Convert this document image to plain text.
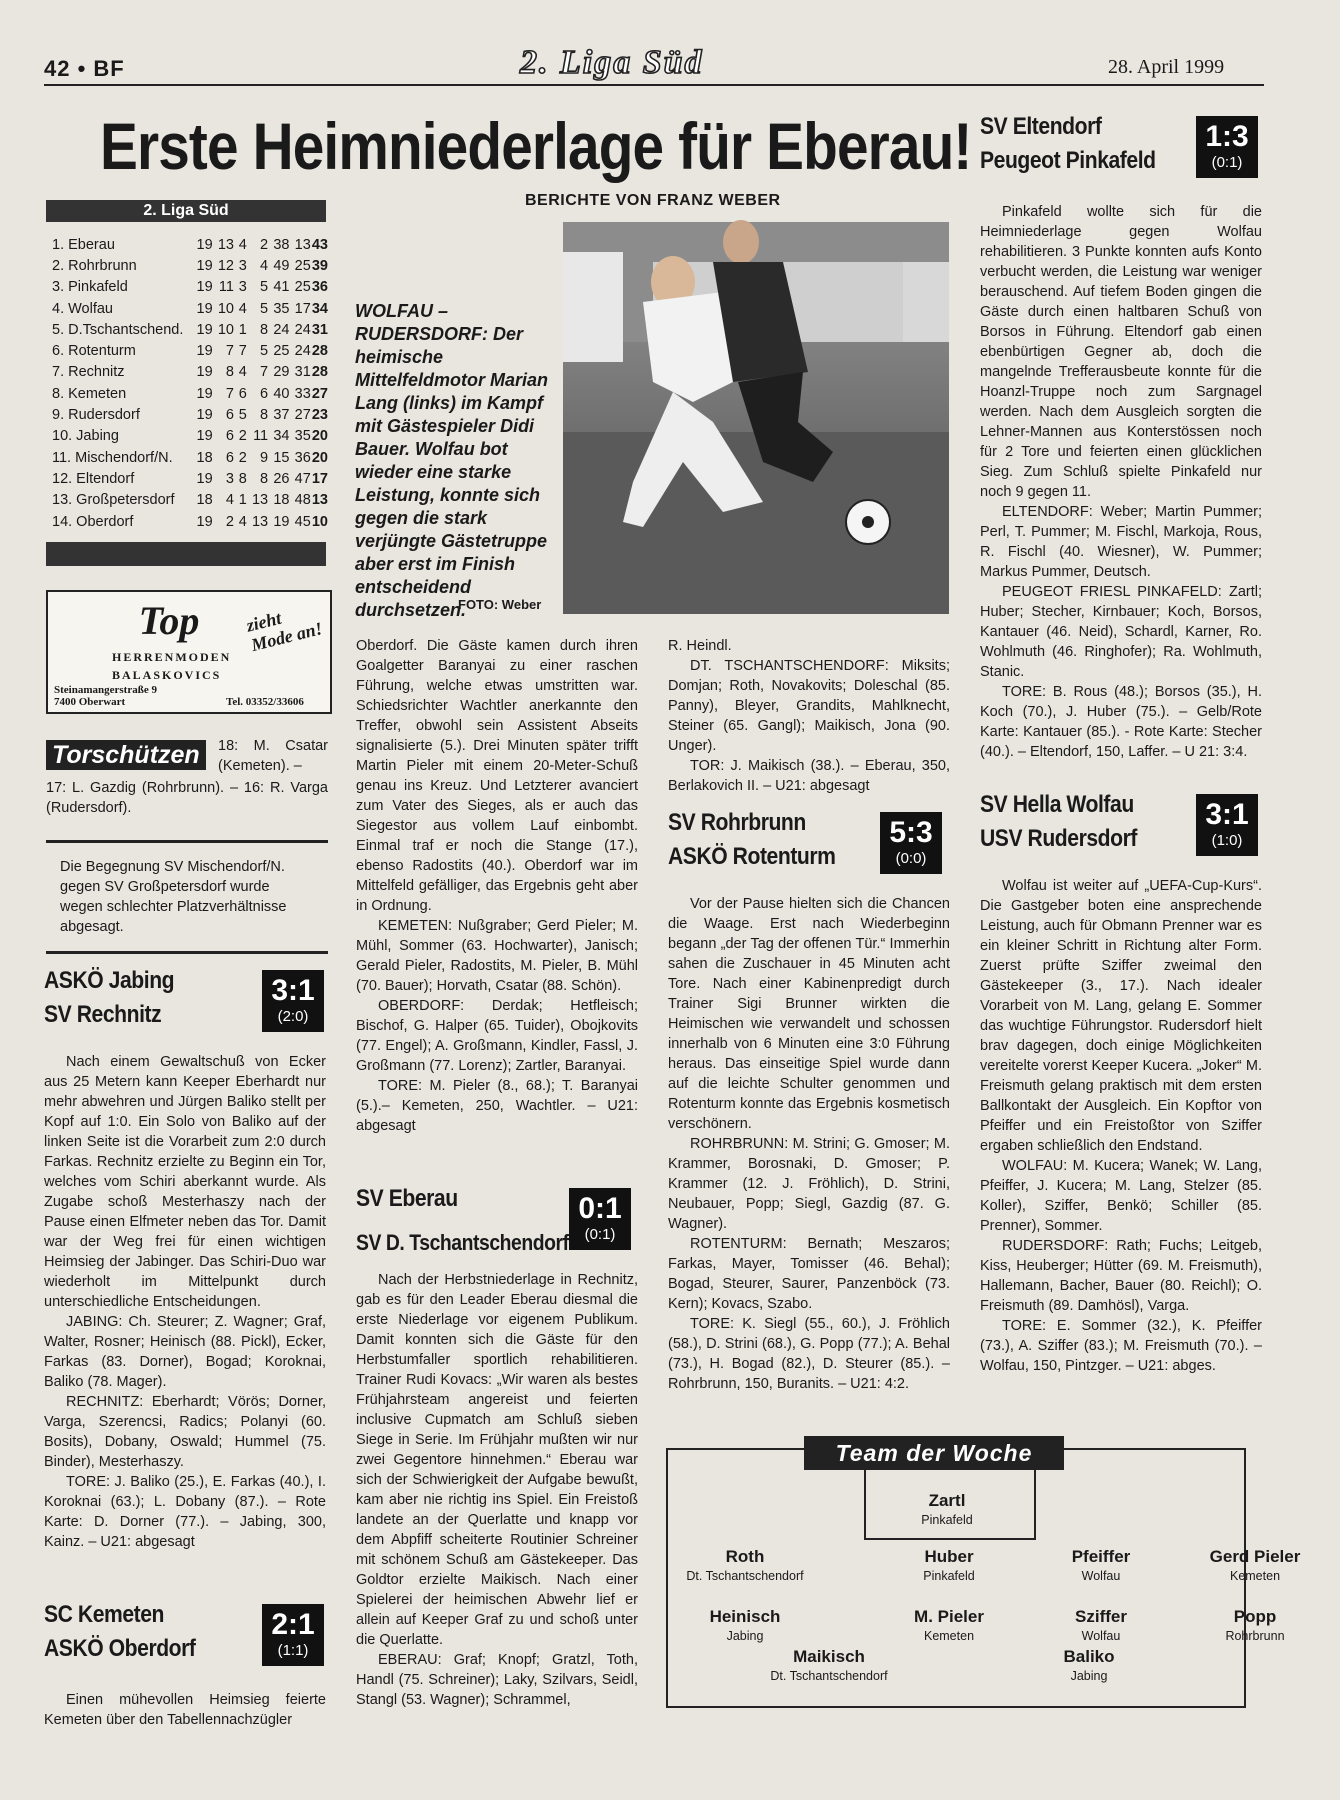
42 • BF	2. Liga Süd	28. April 1999
Erste Heimniederlage für Eberau!
BERICHTE VON FRANZ WEBER
2. Liga Süd
1. Eberau	19	13	4	2	38	13	43
2. Rohrbrunn	19	12	3	4	49	25	39
3. Pinkafeld	19	11	3	5	41	25	36
4. Wolfau	19	10	4	5	35	17	34
5. D.Tschantschend.	19	10	1	8	24	24	31
6. Rotenturm	19	7	7	5	25	24	28
7. Rechnitz	19	8	4	7	29	31	28
8. Kemeten	19	7	6	6	40	33	27
9. Rudersdorf	19	6	5	8	37	27	23
10. Jabing	19	6	2	11	34	35	20
11. Mischendorf/N.	18	6	2	9	15	36	20
12. Eltendorf	19	3	8	8	26	47	17
13. Großpetersdorf	18	4	1	13	18	48	13
14. Oberdorf	19	2	4	13	19	45	10
Top
HERRENMODEN
BALASKOVICS
zieht Mode an!
Steinamangerstraße 9
7400 Oberwart	Tel. 03352/33606

18: M. Csatar (Kemeten). –

17: L. Gazdig (Rohrbrunn). – 16: R. Varga (Rudersdorf).

Torschützen
Die Begegnung SV Mischendorf/N. gegen SV Großpetersdorf wurde wegen schlechter Platzverhältnisse abgesagt.
ASKÖ Jabing
SV Rechnitz
3:1
(2:0)

Nach einem Gewaltschuß von Ecker aus 25 Metern kann Keeper Eberhardt nur mehr abwehren und Jürgen Baliko stellt per Kopf auf 1:0. Ein Solo von Baliko auf der linken Seite ist die Vorarbeit zum 2:0 durch Farkas. Rechnitz erzielte zu Beginn ein Tor, welches vom Schiri aberkannt wurde. Als Zugabe schoß Mesterhaszy nach der Pause einen Elfmeter neben das Tor. Damit war der Weg frei für einen wichtigen Heimsieg der Jabinger. Das Schiri-Duo war wiederholt im Mittelpunkt durch unterschiedliche Entscheidungen.

JABING: Ch. Steurer; Z. Wagner; Graf, Walter, Rosner; Heinisch (88. Pickl), Ecker, Farkas (83. Dorner), Bogad; Koroknai, Baliko (78. Mager).

RECHNITZ: Eberhardt; Vörös; Dorner, Varga, Szerencsi, Radics; Polanyi (60. Bosits), Dobany, Oswald; Hummel (75. Binder), Mesterhaszy.

TORE: J. Baliko (25.), E. Farkas (40.), I. Koroknai (63.); L. Dobany (87.). – Rote Karte: D. Dorner (77.). – Jabing, 300, Kainz. – U21: abgesagt

SC Kemeten
ASKÖ Oberdorf
2:1
(1:1)

Einen mühevollen Heimsieg feierte Kemeten über den Tabellennachzügler

WOLFAU – RUDERSDORF: Der heimische Mittelfeldmotor Marian Lang (links) im Kampf mit Gästespieler Didi Bauer. Wolfau bot wieder eine starke Leistung, konnte sich gegen die stark verjüngte Gästetruppe aber erst im Finish entscheidend durchsetzen.
FOTO: Weber

Oberdorf. Die Gäste kamen durch ihren Goalgetter Baranyai zu einer raschen Führung, welche etwas umstritten war. Schiedsrichter Wachtler anerkannte den Treffer, obwohl sein Assistent Abseits signalisierte (5.). Drei Minuten später trifft Martin Pieler mit einem 20-Meter-Schuß genau ins Kreuz. Und Letzterer avanciert zum Vater des Sieges, als er auch das Siegestor aus vollem Lauf einbombt. Einmal traf er noch die Stange (17.), ebenso Radostits (40.). Oberdorf war im Mittelfeld gefälliger, das Ergebnis geht aber in Ordnung.

KEMETEN: Nußgraber; Gerd Pieler; M. Mühl, Sommer (63. Hochwarter), Janisch; Gerald Pieler, Radostits, M. Pieler, B. Mühl (70. Bauer); Horvath, Csatar (88. Schön).

OBERDORF: Derdak; Hetfleisch; Bischof, G. Halper (65. Tuider), Obojkovits (77. Engel); A. Großmann, Kindler, Fassl, J. Großmann (77. Lorenz); Zartler, Baranyai.

TORE: M. Pieler (8., 68.); T. Baranyai (5.).– Kemeten, 250, Wachtler. – U21: abgesagt

SV Eberau
SV D. Tschantschendorf
0:1
(0:1)

Nach der Herbstniederlage in Rechnitz, gab es für den Leader Eberau diesmal die erste Niederlage vor eigenem Publikum. Damit konnten sich die Gäste für den Herbstumfaller sportlich rehabilitieren. Trainer Rudi Kovacs: „Wir waren als bestes Frühjahrsteam angereist und feierten inclusive Cupmatch am Schluß sieben Siege in Serie. Im Frühjahr mußten wir nur zwei Gegentore hinnehmen.“ Eberau war sich der Schwierigkeit der Aufgabe bewußt, kam aber nie richtig ins Spiel. Ein Freistoß landete an der Querlatte und knapp vor dem Abpfiff scheiterte Routinier Schreiner mit schönem Schuß am Gästekeeper. Das Goldtor erzielte Maikisch. Nach einer Spielerei der heimischen Abwehr lief er allein auf Keeper Graf zu und schoß unter die Querlatte.

EBERAU: Graf; Knopf; Gratzl, Toth, Handl (75. Schreiner); Laky, Szilvars, Seidl, Stangl (53. Wagner); Schrammel,

R. Heindl.

DT. TSCHANTSCHENDORF: Miksits; Domjan; Roth, Novakovits; Doleschal (85. Panny), Bleyer, Grandits, Mahlknecht, Steiner (65. Gangl); Maikisch, Jona (90. Unger).

TOR: J. Maikisch (38.). – Eberau, 350, Berlakovich II. – U21: abgesagt

SV Rohrbrunn
ASKÖ Rotenturm
5:3
(0:0)

Vor der Pause hielten sich die Chancen die Waage. Erst nach Wiederbeginn begann „der Tag der offenen Tür.“ Immerhin sahen die Zuschauer in 45 Minuten acht Tore. Nach einer Kabinenpredigt durch Trainer Sigi Brunner wirkten die Heimischen wie verwandelt und schossen innerhalb von 6 Minuten eine 3:0 Führung heraus. Das einseitige Spiel wurde dann auf die leichte Schulter genommen und Rotenturm konnte das Ergebnis kosmetisch verschönern.

ROHRBRUNN: M. Strini; G. Gmoser; M. Krammer, Borosnaki, D. Gmoser; P. Krammer (12. J. Fröhlich), D. Strini, Neubauer, Popp; Siegl, Gazdig (87. G. Wagner).

ROTENTURM: Bernath; Meszaros; Farkas, Mayer, Tomisser (46. Behal); Bogad, Steurer, Saurer, Panzenböck (73. Kern); Kovacs, Szabo.

TORE: K. Siegl (55., 60.), J. Fröhlich (58.), D. Strini (68.), G. Popp (77.); A. Behal (73.), H. Bogad (82.), D. Steurer (85.). – Rohrbrunn, 150, Buranits. – U21: 4:2.

SV Eltendorf
Peugeot Pinkafeld
1:3
(0:1)

Pinkafeld wollte sich für die Heimniederlage gegen Wolfau rehabilitieren. 3 Punkte konnten aufs Konto verbucht werden, die Leistung war weniger berauschend. Auf tiefem Boden gingen die Gäste durch einen haltbaren Schuß von Borsos in Führung. Eltendorf gab einen ebenbürtigen Gegner ab, doch die mangelnde Trefferausbeute konnte für die Hoanzl-Truppe noch zum Sargnagel werden. Nach dem Ausgleich sorgten die Lehner-Mannen aus Konterstössen noch für 2 Tore und feierten einen glücklichen Sieg. Zum Schluß spielte Pinkafeld nur noch 9 gegen 11.

ELTENDORF: Weber; Martin Pummer; Perl, T. Pummer; M. Fischl, Markoja, Rous, R. Fischl (40. Wiesner), W. Pummer; Markus Pummer, Deutsch.

PEUGEOT FRIESL PINKAFELD: Zartl; Huber; Stecher, Kirnbauer; Koch, Borsos, Kantauer (46. Neid), Schardl, Karner, Ro. Wohlmuth (46. Ringhofer); Ra. Wohlmuth, Stanic.

TORE: B. Rous (48.); Borsos (35.), H. Koch (70.), J. Huber (75.). – Gelb/Rote Karte: Kantauer (85.). - Rote Karte: Stecher (40.). – Eltendorf, 150, Laffer. – U 21: 3:4.

SV Hella Wolfau
USV Rudersdorf
3:1
(1:0)

Wolfau ist weiter auf „UEFA-Cup-Kurs“. Die Gastgeber boten eine ansprechende Leistung, auch für Obmann Prenner war es ein kleiner Schritt in Richtung alter Form. Zuerst prüfte Sziffer zweimal den Gästekeeper (3., 17.). Nach idealer Vorarbeit von M. Lang, gelang E. Sommer das wuchtige Führungstor. Rudersdorf hielt brav dagegen, doch einige Möglichkeiten vereitelte vorerst Keeper Kucera. „Joker“ M. Freismuth gelang praktisch mit dem ersten Ballkontakt der Ausgleich. Ein Kopftor von Pfeiffer und ein Freistoßtor von Sziffer ergaben schließlich den Endstand.

WOLFAU: M. Kucera; Wanek; W. Lang, Pfeiffer, J. Kucera; M. Lang, Stelzer (85. Koller), Sziffer, Benkö; Schiller (85. Prenner), Sommer.

RUDERSDORF: Rath; Fuchs; Leitgeb, Kiss, Heuberger; Hütter (69. M. Freismuth), Hallemann, Bacher, Bauer (80. Reichl); O. Freismuth (89. Damhösl), Varga.

TORE: E. Sommer (32.), K. Pfeiffer (73.), A. Sziffer (83.); M. Freismuth (70.). – Wolfau, 150, Pintzger. – U21: abges.

Team der Woche
Zartl
Pinkafeld
Roth
Dt. Tschantschendorf
Huber
Pinkafeld
Pfeiffer
Wolfau
Gerd Pieler
Kemeten
Heinisch
Jabing
M. Pieler
Kemeten
Sziffer
Wolfau
Popp
Rohrbrunn
Maikisch
Dt. Tschantschendorf
Baliko
Jabing
